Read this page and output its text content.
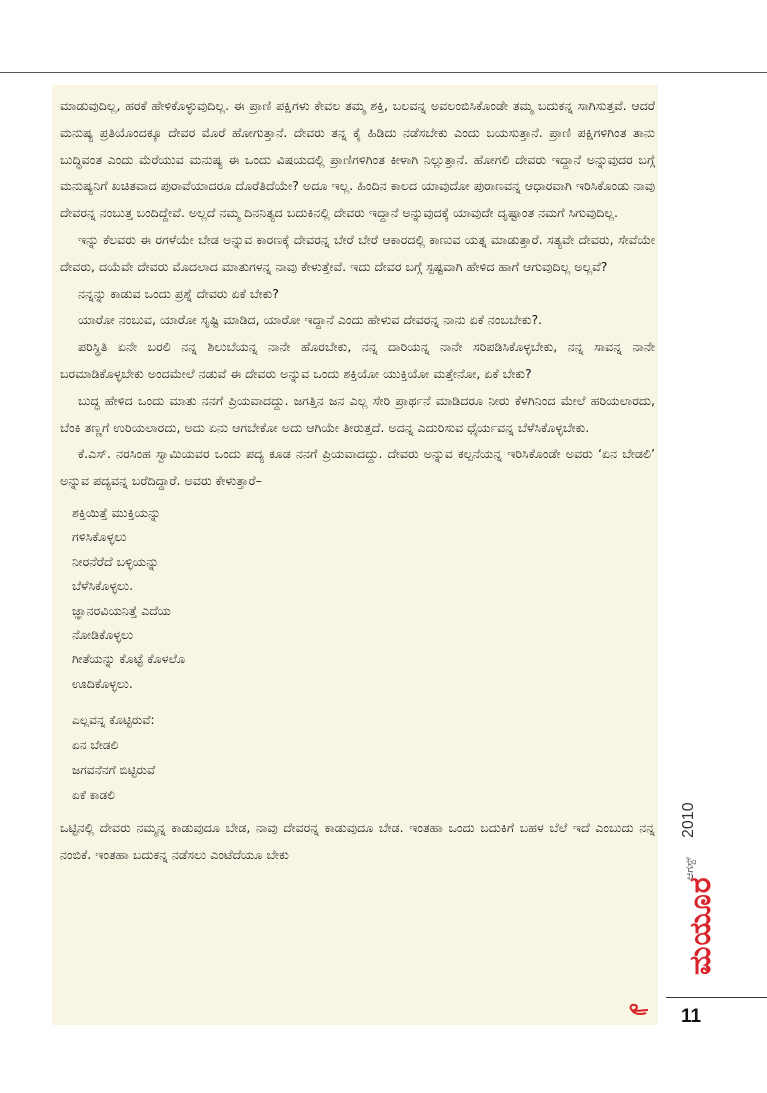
ಮಾಡುವುದಿಲ್ಲ, ಹರಕೆ ಹೇಳಿಕೊಳ್ಳುವುದಿಲ್ಲ. ಈ ಪ್ರಾಣಿ ಪಕ್ಷಿಗಳು ಕೇವಲ ತಮ್ಮ ಶಕ್ತಿ, ಬಲವನ್ನ ಅವಲಂಬಿಸಿಕೊಂಡೇ ತಮ್ಮ ಬದುಕನ್ನ ಸಾಗಿಸುತ್ತವೆ. ಆದರೆ ಮನುಷ್ಯ ಪ್ರತಿಯೊಂದಕ್ಕೂ ದೇವರ ಮೊರೆ ಹೋಗುತ್ತಾನೆ. ದೇವರು ತನ್ನ ಕೈ ಹಿಡಿದು ನಡೆಸಬೇಕು ಎಂದು ಬಯಸುತ್ತಾನೆ. ಪ್ರಾಣಿ ಪಕ್ಷಿಗಳಿಗಿಂತ ತಾನು ಬುದ್ಧಿವಂತ ಎಂದು ಮೆರೆಯುವ ಮನುಷ್ಯ ಈ ಒಂದು ವಿಷಯದಲ್ಲಿ ಪ್ರಾಣಿಗಳಿಗಿಂತ ಕೀಳಾಗಿ ನಿಲ್ಲುತ್ತಾನೆ. ಹೋಗಲಿ ದೇವರು ಇದ್ದಾನೆ ಅನ್ನುವುದರ ಬಗ್ಗೆ ಮನುಷ್ಯನಿಗೆ ಖಚಿತವಾದ ಪುರಾವೆಯಾದರೂ ದೊರೆತಿದೆಯೇ? ಅದೂ ಇಲ್ಲ. ಹಿಂದಿನ ಕಾಲದ ಯಾವುದೋ ಪುರಾಣವನ್ನ ಆಧಾರವಾಗಿ ಇರಿಸಿಕೊಂಡು ನಾವು ದೇವರನ್ನ ನಂಬುತ್ತ ಬಂದಿದ್ದೇವೆ. ಅಲ್ಲದೆ ನಮ್ಮ ದಿನನಿತ್ಯದ ಬದುಕಿನಲ್ಲಿ ದೇವರು ಇದ್ದಾನೆ ಅನ್ನುವುದಕ್ಕೆ ಯಾವುದೇ ದೃಷ್ಟಾಂತ ನಮಗೆ ಸಿಗುವುದಿಲ್ಲ.

ಇನ್ನು ಕೆಲವರು ಈ ರಗಳೆಯೇ ಬೇಡ ಅನ್ನುವ ಕಾರಣಕ್ಕೆ ದೇವರನ್ನ ಬೇರೆ ಬೇರೆ ಆಕಾರದಲ್ಲಿ ಕಾಣುವ ಯತ್ನ ಮಾಡುತ್ತಾರೆ. ಸತ್ಯವೇ ದೇವರು, ಸೇವೆಯೇ ದೇವರು, ದಯೆವೇ ದೇವರು ಮೊದಲಾದ ಮಾತುಗಳನ್ನ ನಾವು ಕೇಳುತ್ತೇವೆ. ಇದು ದೇವರ ಬಗ್ಗೆ ಸ್ಪಷ್ಟವಾಗಿ ಹೇಳಿದ ಹಾಗೆ ಆಗುವುದಿಲ್ಲ ಅಲ್ಲವೆ?

ನನ್ನನ್ನು ಕಾಡುವ ಒಂದು ಪ್ರಶ್ನೆ ದೇವರು ಏಕೆ ಬೇಕು?

ಯಾರೋ ನಂಬುವ, ಯಾರೋ ಸೃಷ್ಟಿ ಮಾಡಿದ, ಯಾರೋ ಇದ್ದಾನೆ ಎಂದು ಹೇಳುವ ದೇವರನ್ನ ನಾನು ಏಕೆ ನಂಬಬೇಕು?.

ಪರಿಸ್ಥಿತಿ ಏನೇ ಬರಲಿ ನನ್ನ ಶಿಲುಬೆಯನ್ನ ನಾನೇ ಹೊರಬೇಕು, ನನ್ನ ದಾರಿಯನ್ನ ನಾನೇ ಸರಿಪಡಿಸಿಕೊಳ್ಳಬೇಕು, ನನ್ನ ಸಾವನ್ನ ನಾನೇ ಬರಮಾಡಿಕೊಳ್ಳಬೇಕು ಅಂದಮೇಲೆ ನಡುವೆ ಈ ದೇವರು ಅನ್ನುವ ಒಂದು ಶಕ್ತಿಯೋ ಯುಕ್ತಿಯೋ ಮತ್ತೇನೋ, ಏಕೆ ಬೇಕು?

ಬುದ್ಧ ಹೇಳಿದ ಒಂದು ಮಾತು ನನಗೆ ಪ್ರಿಯವಾದದ್ದು. ಜಗತ್ತಿನ ಜನ ಎಲ್ಲ ಸೇರಿ ಪ್ರಾರ್ಥನೆ ಮಾಡಿದರೂ ನೀರು ಕೆಳಗಿನಿಂದ ಮೇಲೆ ಹರಿಯಲಾರದು, ಬೆಂಕಿ ತಣ್ಣಗೆ ಉರಿಯಲಾರದು, ಅದು ಏನು ಆಗಬೇಕೋ ಅದು ಆಗಿಯೇ ತೀರುತ್ತದೆ. ಅದನ್ನ ಎದುರಿಸುವ ಧೈರ್ಯವನ್ನ ಬೆಳೆಸಿಕೊಳ್ಳಬೇಕು.

ಕೆ.ಎಸ್. ನರಸಿಂಹ ಸ್ವಾಮಿಯವರ ಒಂದು ಪದ್ಯ ಕೂಡ ನನಗೆ ಪ್ರಿಯವಾದದ್ದು. ದೇವರು ಅನ್ನುವ ಕಲ್ಪನೆಯನ್ನ ಇರಿಸಿಕೊಂಡೇ ಅವರು ‘ಏನ ಬೇಡಲಿ’ ಅನ್ನುವ ಪದ್ಯವನ್ನ ಬರೆದಿದ್ದಾರೆ. ಅವರು ಕೇಳುತ್ತಾರೆ–

ಶಕ್ತಿಯಿತ್ತೆ ಮುಕ್ತಿಯನ್ನು
ಗಳಿಸಿಕೊಳ್ಳಲು
ನೀರನೆರೆದೆ ಬಳ್ಳಿಯನ್ನು
ಬೆಳೆಸಿಕೊಳ್ಳಲು.
ಜ್ಞಾನರವಿಯನಿತ್ತೆ ಎದೆಯ
ನೋಡಿಕೊಳ್ಳಲು
ಗೀತೆಯನ್ನು ಕೊಟ್ಟೆ ಕೊಳಲೊ
ಊದಿಕೊಳ್ಳಲು.
ಎಲ್ಲವನ್ನ ಕೊಟ್ಟಿರುವೆ:
ಏನ ಬೇಡಲಿ
ಜಗವನೆನಗೆ ಬಿಟ್ಟಿರುವೆ
ಏಕೆ ಕಾಡಲಿ

ಒಟ್ಟಿನಲ್ಲಿ ದೇವರು ನಮ್ಮನ್ನ ಕಾಡುವುದೂ ಬೇಡ, ನಾವು ದೇವರನ್ನ ಕಾಡುವುದೂ ಬೇಡ. ಇಂತಹಾ ಒಂದು ಬದುಕಿಗೆ ಬಹಳ ಬೆಲೆ ಇದೆ ಎಂಬುದು ನನ್ನ ನಂಬಿಕೆ. ಇಂತಹಾ ಬದುಕನ್ನ ನಡೆಸಲು ಎಂಟೆದೆಯೂ ಬೇಕು

2010
ಆಗಸ್ಟ್
ಮಯೂರ
11
